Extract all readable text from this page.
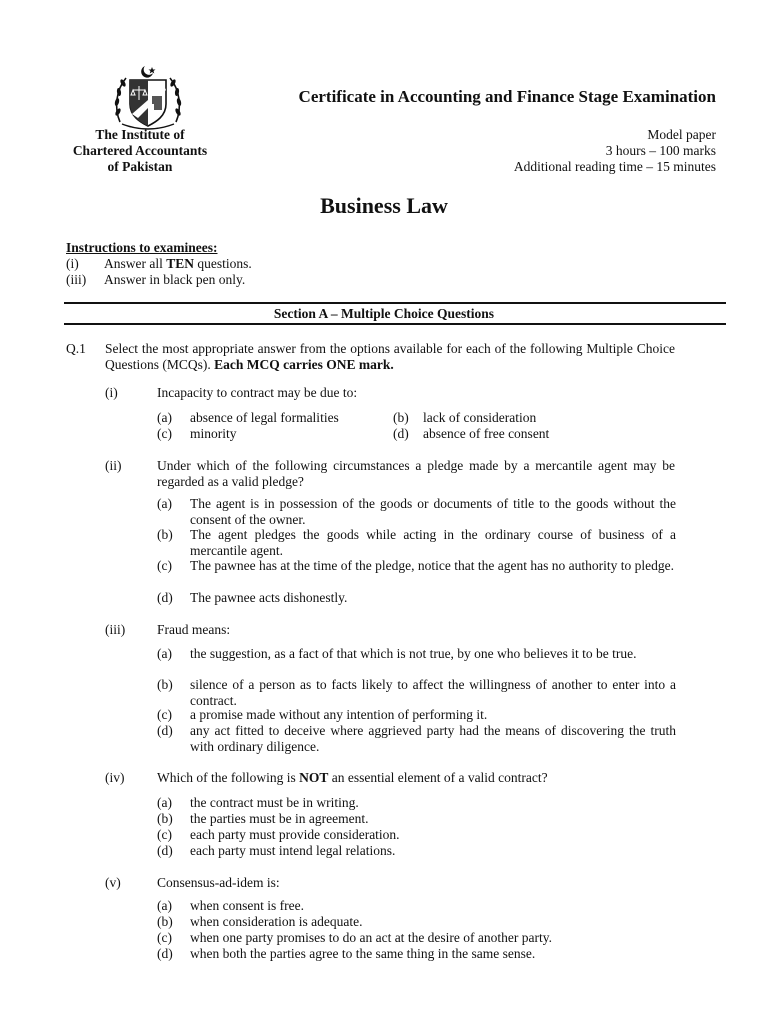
The Institute of
Chartered Accountants
of Pakistan
Certificate in Accounting and Finance Stage Examination
Model paper
3 hours – 100 marks
Additional reading time – 15 minutes
Business Law
Instructions to examinees:
(i) Answer all TEN questions.
(iii) Answer in black pen only.
Section A – Multiple Choice Questions
Q.1 Select the most appropriate answer from the options available for each of the following Multiple Choice Questions (MCQs). Each MCQ carries ONE mark.
(i)	Incapacity to contract may be due to:
(a) absence of legal formalities	(b) lack of consideration
(c) minority	(d) absence of free consent
(ii)	Under which of the following circumstances a pledge made by a mercantile agent may be regarded as a valid pledge?
(a) The agent is in possession of the goods or documents of title to the goods without the consent of the owner.
(b) The agent pledges the goods while acting in the ordinary course of business of a mercantile agent.
(c) The pawnee has at the time of the pledge, notice that the agent has no authority to pledge.
(d) The pawnee acts dishonestly.
(iii) Fraud means:
(a) the suggestion, as a fact of that which is not true, by one who believes it to be true.
(b) silence of a person as to facts likely to affect the willingness of another to enter into a contract.
(c) a promise made without any intention of performing it.
(d) any act fitted to deceive where aggrieved party had the means of discovering the truth with ordinary diligence.
(iv) Which of the following is NOT an essential element of a valid contract?
(a) the contract must be in writing.
(b) the parties must be in agreement.
(c) each party must provide consideration.
(d) each party must intend legal relations.
(v)	Consensus-ad-idem is:
(a) when consent is free.
(b) when consideration is adequate.
(c) when one party promises to do an act at the desire of another party.
(d) when both the parties agree to the same thing in the same sense.
